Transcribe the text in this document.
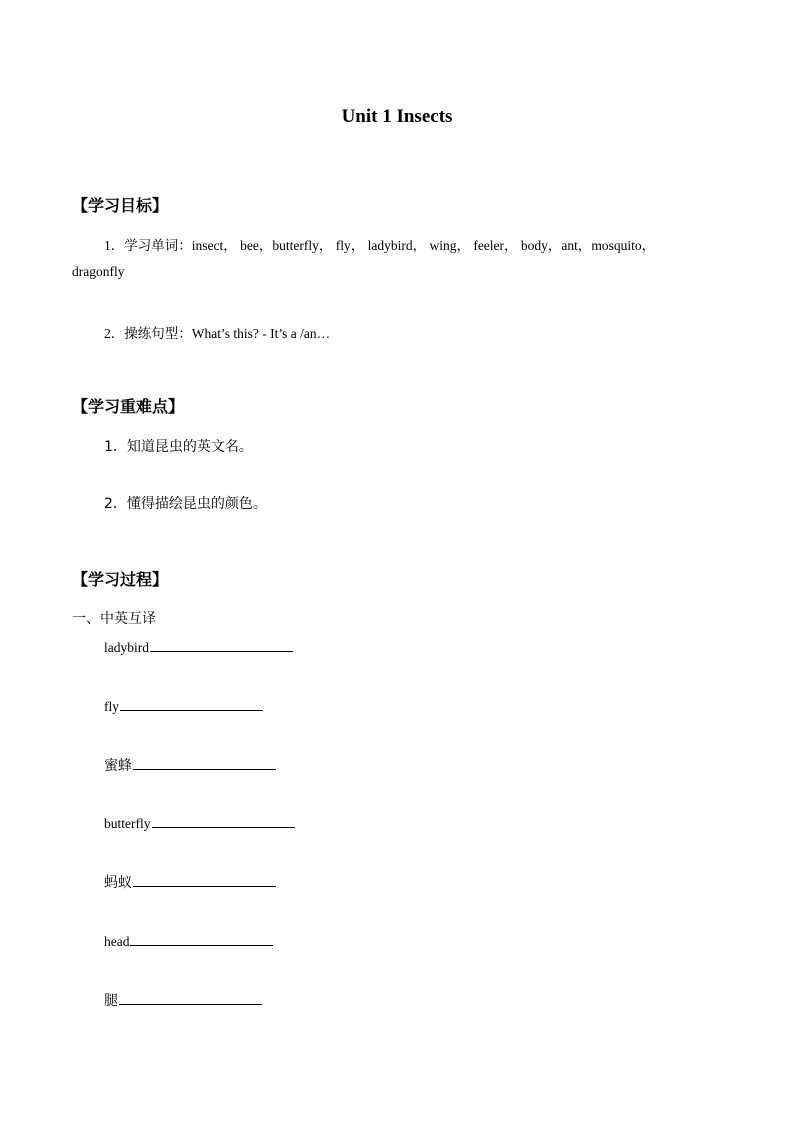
Unit 1 Insects
【学习目标】
1．学习单词：insect， bee，butterfly， fly， ladybird， wing， feeler， body，ant，mosquito，
dragonfly
2．操练句型：What’s this? - It’s a /an…
【学习重难点】
1．知道昆虫的英文名。
2．懂得描绘昆虫的颜色。
【学习过程】
一、中英互译
ladybird
fly
蜜蜂
butterfly
蚂蚁
head
腿
